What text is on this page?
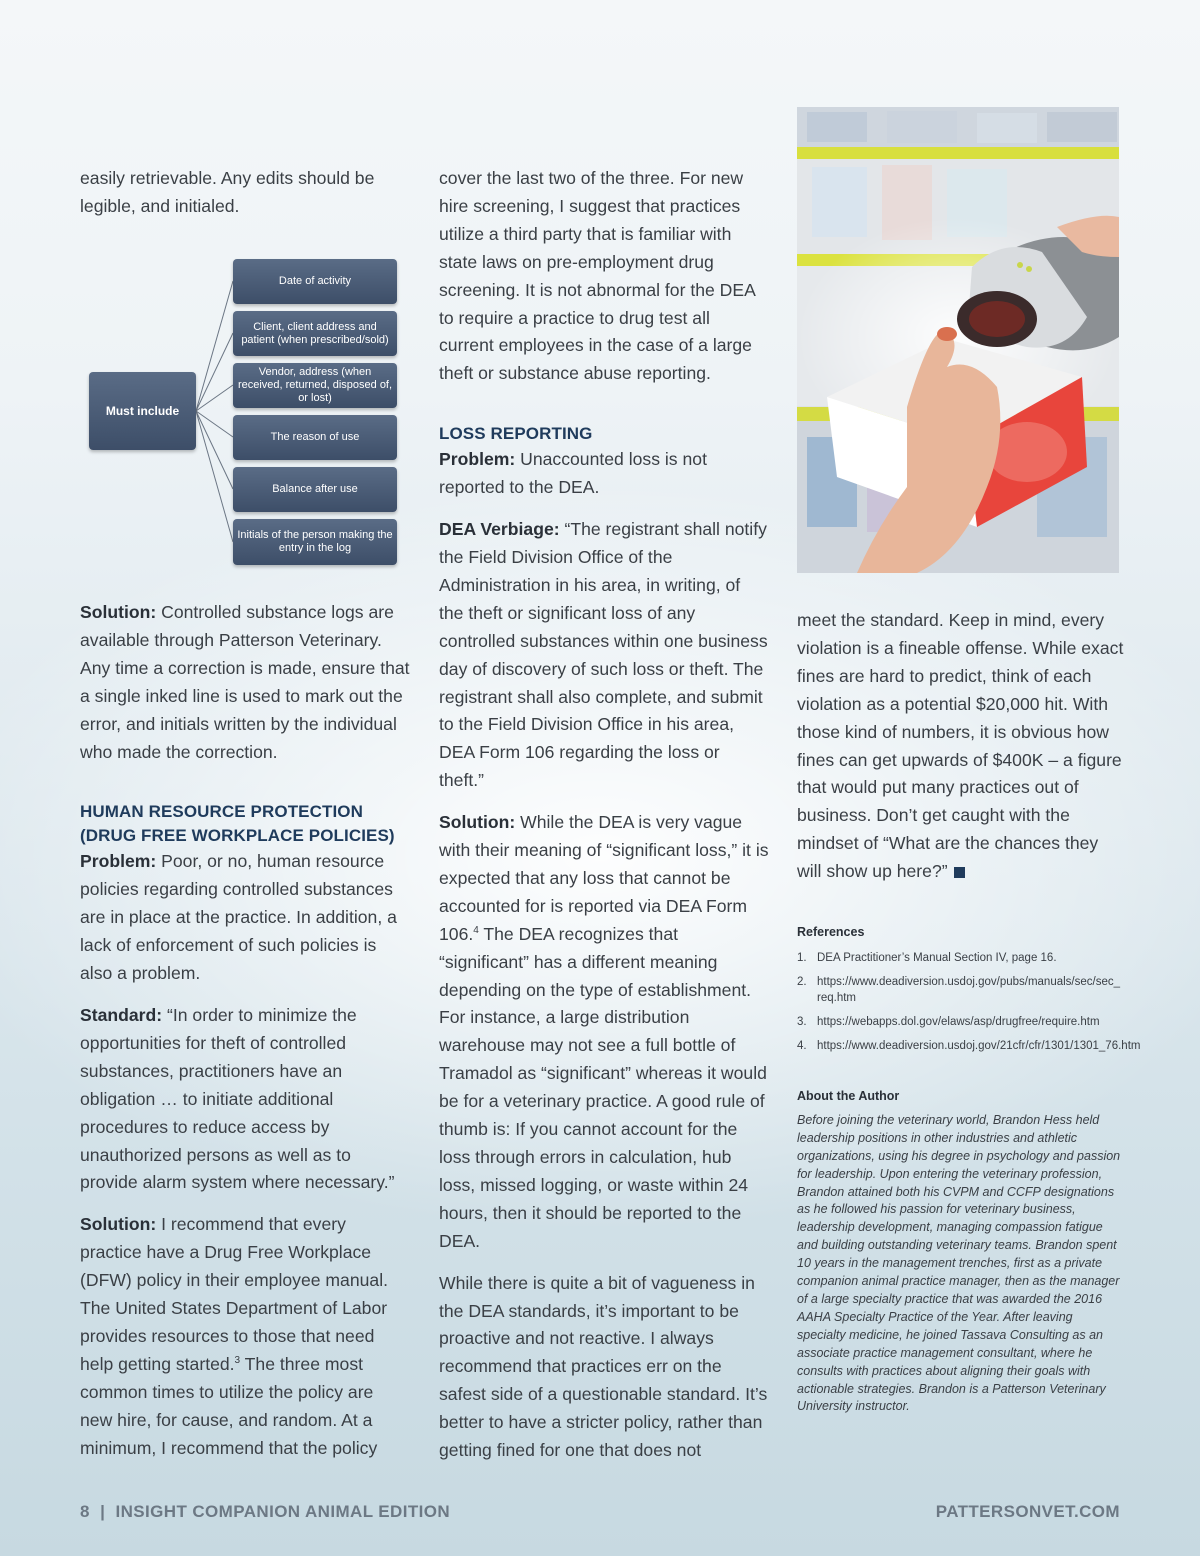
easily retrievable. Any edits should be legible, and initialed.

Must include
Date of activity
Client, client address and patient (when prescribed/sold)
Vendor, address (when received, returned, disposed of, or lost)
The reason of use
Balance after use
Initials of the person making the entry in the log

Solution: Controlled substance logs are available through Patterson Veterinary. Any time a correction is made, ensure that a single inked line is used to mark out the error, and initials written by the individual who made the correction.

HUMAN RESOURCE PROTECTION
(DRUG FREE WORKPLACE POLICIES)

Problem: Poor, or no, human resource policies regarding controlled substances are in place at the practice. In addition, a lack of enforcement of such policies is also a problem.

Standard: “In order to minimize the opportunities for theft of controlled substances, practitioners have an obligation … to initiate additional procedures to reduce access by unauthorized persons as well as to provide alarm system where necessary.”

Solution: I recommend that every practice have a Drug Free Workplace (DFW) policy in their employee manual. The United States Department of Labor provides resources to those that need help getting started.$^3$ The three most common times to utilize the policy are new hire, for cause, and random. At a minimum, I recommend that the policy

cover the last two of the three. For new hire screening, I suggest that practices utilize a third party that is familiar with state laws on pre-employment drug screening. It is not abnormal for the DEA to require a practice to drug test all current employees in the case of a large theft or substance abuse reporting.

LOSS REPORTING

Problem: Unaccounted loss is not reported to the DEA.

DEA Verbiage: “The registrant shall notify the Field Division Office of the Administration in his area, in writing, of the theft or significant loss of any controlled substances within one business day of discovery of such loss or theft. The registrant shall also complete, and submit to the Field Division Office in his area, DEA Form 106 regarding the loss or theft.”

Solution: While the DEA is very vague with their meaning of “significant loss,” it is expected that any loss that cannot be accounted for is reported via DEA Form 106.$^4$ The DEA recognizes that “significant” has a different meaning depending on the type of establishment. For instance, a large distribution warehouse may not see a full bottle of Tramadol as “significant” whereas it would be for a veterinary practice. A good rule of thumb is: If you cannot account for the loss through errors in calculation, hub loss, missed logging, or waste within 24 hours, then it should be reported to the DEA.

While there is quite a bit of vagueness in the DEA standards, it’s important to be proactive and not reactive. I always recommend that practices err on the safest side of a questionable standard. It’s better to have a stricter policy, rather than getting fined for one that does not

meet the standard. Keep in mind, every violation is a fineable offense. While exact fines are hard to predict, think of each violation as a potential $20,000 hit. With those kind of numbers, it is obvious how fines can get upwards of $400K – a figure that would put many practices out of business. Don’t get caught with the mindset of “What are the chances they will show up here?”

References
1. DEA Practitioner’s Manual Section IV, page 16.
2. https://www.deadiversion.usdoj.gov/pubs/manuals/sec/sec_req.htm
3. https://webapps.dol.gov/elaws/asp/drugfree/require.htm
4. https://www.deadiversion.usdoj.gov/21cfr/cfr/1301/1301_76.htm
About the Author

Before joining the veterinary world, Brandon Hess held leadership positions in other industries and athletic organizations, using his degree in psychology and passion for leadership. Upon entering the veterinary profession, Brandon attained both his CVPM and CCFP designations as he followed his passion for veterinary business, leadership development, managing compassion fatigue and building outstanding veterinary teams. Brandon spent 10 years in the management trenches, first as a private companion animal practice manager, then as the manager of a large specialty practice that was awarded the 2016 AAHA Specialty Practice of the Year. After leaving specialty medicine, he joined Tassava Consulting as an associate practice management consultant, where he consults with practices about aligning their goals with actionable strategies. Brandon is a Patterson Veterinary University instructor.

8  |  INSIGHT COMPANION ANIMAL EDITION	PATTERSONVET.COM
